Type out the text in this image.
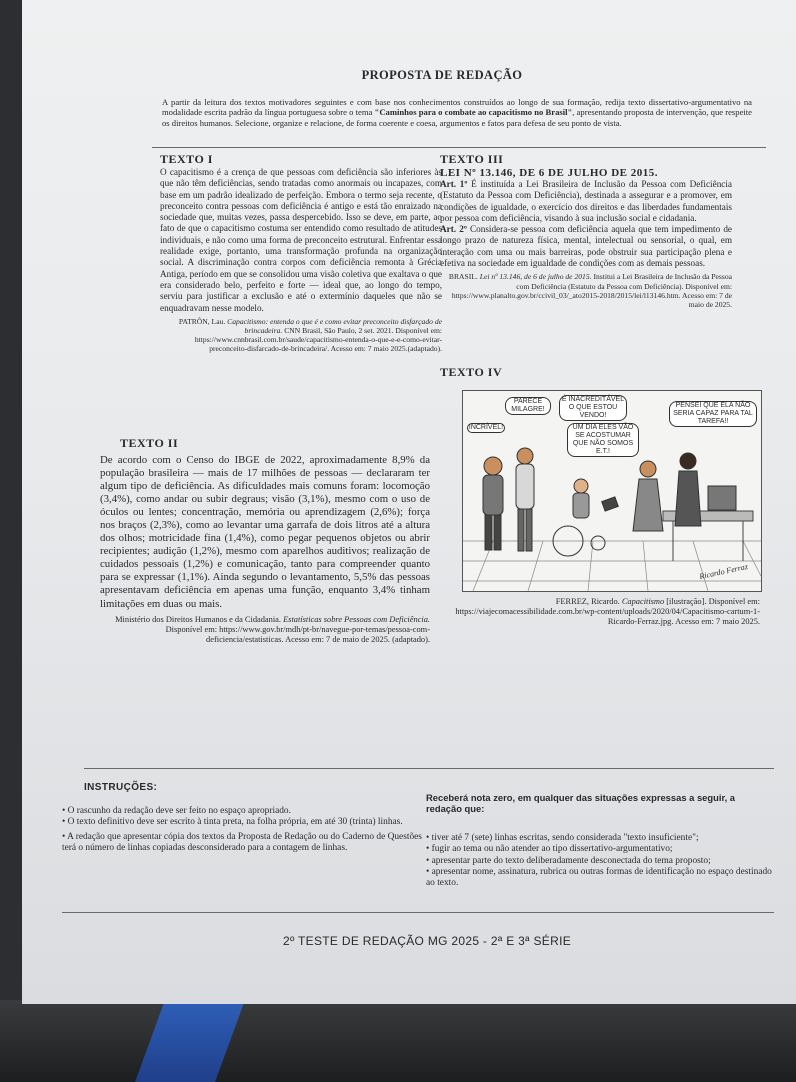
PROPOSTA DE REDAÇÃO

A partir da leitura dos textos motivadores seguintes e com base nos conhecimentos construídos ao longo de sua formação, redija texto dissertativo-argumentativo na modalidade escrita padrão da língua portuguesa sobre o tema "Caminhos para o combate ao capacitismo no Brasil", apresentando proposta de intervenção, que respeite os direitos humanos. Selecione, organize e relacione, de forma coerente e coesa, argumentos e fatos para defesa de seu ponto de vista.

TEXTO I

O capacitismo é a crença de que pessoas com deficiência são inferiores às que não têm deficiências, sendo tratadas como anormais ou incapazes, com base em um padrão idealizado de perfeição. Embora o termo seja recente, o preconceito contra pessoas com deficiência é antigo e está tão enraizado na sociedade que, muitas vezes, passa despercebido. Isso se deve, em parte, ao fato de que o capacitismo costuma ser entendido como resultado de atitudes individuais, e não como uma forma de preconceito estrutural. Enfrentar essa realidade exige, portanto, uma transformação profunda na organização social. A discriminação contra corpos com deficiência remonta à Grécia Antiga, período em que se consolidou uma visão coletiva que exaltava o que era considerado belo, perfeito e forte — ideal que, ao longo do tempo, serviu para justificar a exclusão e até o extermínio daqueles que não se enquadravam nesse modelo.

PATRÔN, Lau. Capacitismo: entenda o que é e como evitar preconceito disfarçado de brincadeira. CNN Brasil, São Paulo, 2 set. 2021. Disponível em: https://www.cnnbrasil.com.br/saude/capacitismo-entenda-o-que-e-e-como-evitar-preconceito-disfarcado-de-brincadeira/. Acesso em: 7 maio 2025.(adaptado).

TEXTO II

De acordo com o Censo do IBGE de 2022, aproximadamente 8,9% da população brasileira — mais de 17 milhões de pessoas — declararam ter algum tipo de deficiência. As dificuldades mais comuns foram: locomoção (3,4%), como andar ou subir degraus; visão (3,1%), mesmo com o uso de óculos ou lentes; concentração, memória ou aprendizagem (2,6%); força nos braços (2,3%), como ao levantar uma garrafa de dois litros até a altura dos olhos; motricidade fina (1,4%), como pegar pequenos objetos ou abrir recipientes; audição (1,2%), mesmo com aparelhos auditivos; realização de cuidados pessoais (1,2%) e comunicação, tanto para compreender quanto para se expressar (1,1%). Ainda segundo o levantamento, 5,5% das pessoas apresentavam deficiência em apenas uma função, enquanto 3,4% tinham limitações em duas ou mais.

Ministério dos Direitos Humanos e da Cidadania. Estatísticas sobre Pessoas com Deficiência. Disponível em: https://www.gov.br/mdh/pt-br/navegue-por-temas/pessoa-com-deficiencia/estatisticas. Acesso em: 7 de maio de 2025. (adaptado).

TEXTO III

LEI Nº 13.146, DE 6 DE JULHO DE 2015.

Art. 1º É instituída a Lei Brasileira de Inclusão da Pessoa com Deficiência (Estatuto da Pessoa com Deficiência), destinada a assegurar e a promover, em condições de igualdade, o exercício dos direitos e das liberdades fundamentais por pessoa com deficiência, visando à sua inclusão social e cidadania.

Art. 2º Considera-se pessoa com deficiência aquela que tem impedimento de longo prazo de natureza física, mental, intelectual ou sensorial, o qual, em interação com uma ou mais barreiras, pode obstruir sua participação plena e efetiva na sociedade em igualdade de condições com as demais pessoas.

BRASIL. Lei nº 13.146, de 6 de julho de 2015. Institui a Lei Brasileira de Inclusão da Pessoa com Deficiência (Estatuto da Pessoa com Deficiência). Disponível em: https://www.planalto.gov.br/ccivil_03/_ato2015-2018/2015/lei/l13146.htm. Acesso em: 7 de maio de 2025.

TEXTO IV

PARECE MILAGRE!
É INACREDITÁVEL O QUE ESTOU VENDO!
PENSEI QUE ELA NÃO SERIA CAPAZ PARA TAL TAREFA!!
INCRÍVEL!	UM DIA ELES VÃO SE ACOSTUMAR QUE NÃO SOMOS E.T.!
Ricardo Ferraz

FERREZ, Ricardo. Capacitismo [ilustração]. Disponível em: https://viajecomacessibilidade.com.br/wp-content/uploads/2020/04/Capacitismo-cartum-1-Ricardo-Ferraz.jpg. Acesso em: 7 maio 2025.

INSTRUÇÕES:

• O rascunho da redação deve ser feito no espaço apropriado.

• O texto definitivo deve ser escrito à tinta preta, na folha própria, em até 30 (trinta) linhas.

• A redação que apresentar cópia dos textos da Proposta de Redação ou do Caderno de Questões terá o número de linhas copiadas desconsiderado para a contagem de linhas.

Receberá nota zero, em qualquer das situações expressas a seguir, a redação que:

• tiver até 7 (sete) linhas escritas, sendo considerada "texto insuficiente";

• fugir ao tema ou não atender ao tipo dissertativo-argumentativo;

• apresentar parte do texto deliberadamente desconectada do tema proposto;

• apresentar nome, assinatura, rubrica ou outras formas de identificação no espaço destinado ao texto.

2º TESTE DE REDAÇÃO MG 2025 - 2ª E 3ª SÉRIE
